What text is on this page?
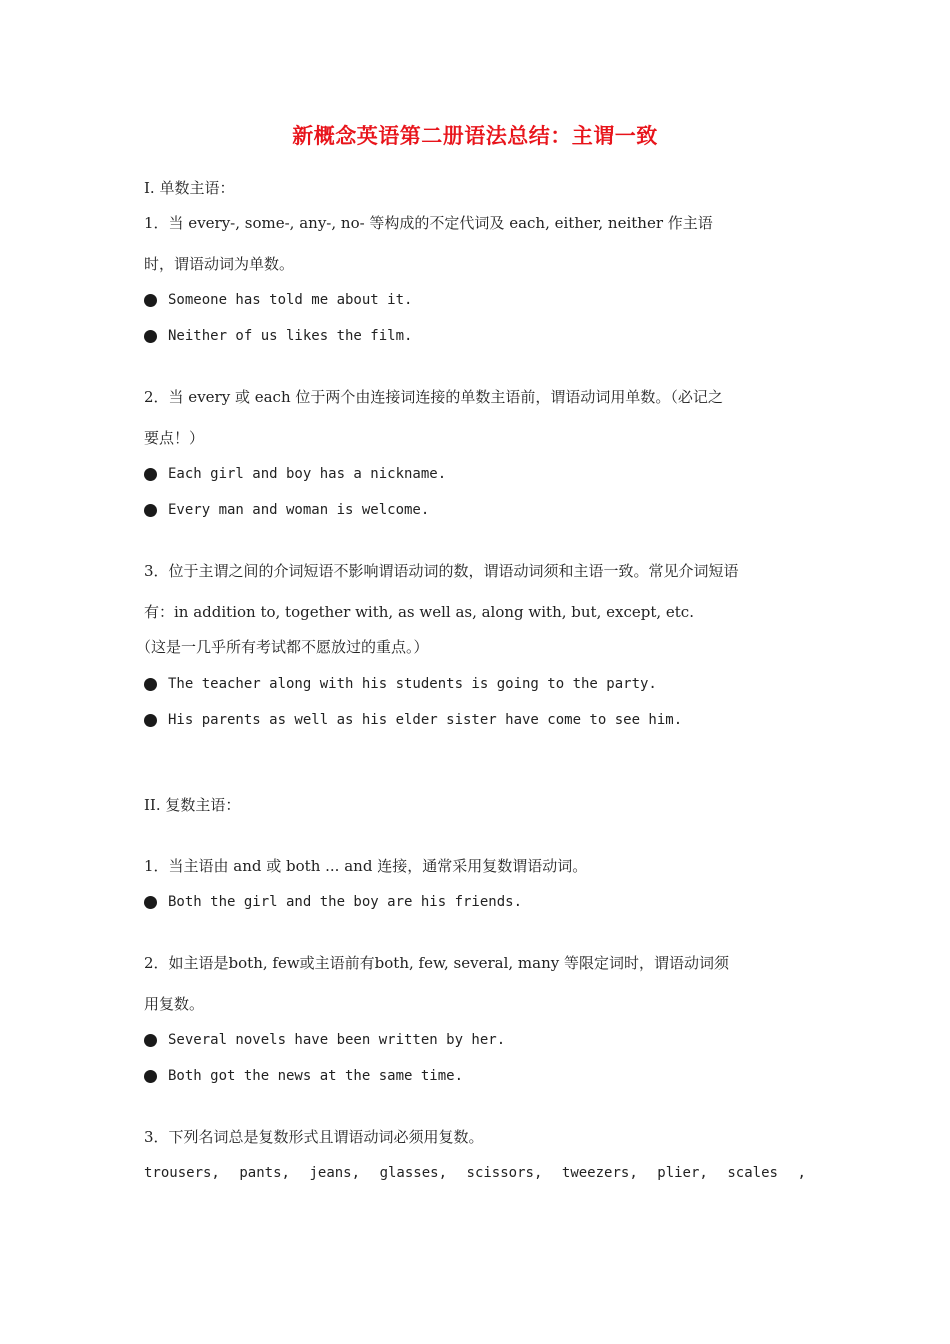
新概念英语第二册语法总结：主谓一致
I. 单数主语：
1．当 every-, some-, any-, no- 等构成的不定代词及 each, either, neither 作主语
时，谓语动词为单数。
Someone has told me about it.
Neither of us likes the film.
2．当 every 或 each 位于两个由连接词连接的单数主语前，谓语动词用单数。（必记之
要点！）
Each girl and boy has a nickname.
Every man and woman is welcome.
3．位于主谓之间的介词短语不影响谓语动词的数，谓语动词须和主语一致。常见介词短语
有：in addition to, together with, as well as, along with, but, except, etc.
（这是一几乎所有考试都不愿放过的重点。）
The teacher along with his students is going to the party.
His parents as well as his elder sister have come to see him.
II. 复数主语：
1．当主语由 and 或 both ... and 连接，通常采用复数谓语动词。
Both the girl and the boy are his friends.
2．如主语是both, few或主语前有both, few, several, many 等限定词时，谓语动词须
用复数。
Several novels have been written by her.
Both got the news at the same time.
3．下列名词总是复数形式且谓语动词必须用复数。
trousers, pants, jeans, glasses, scissors, tweezers, plier, scales ,
